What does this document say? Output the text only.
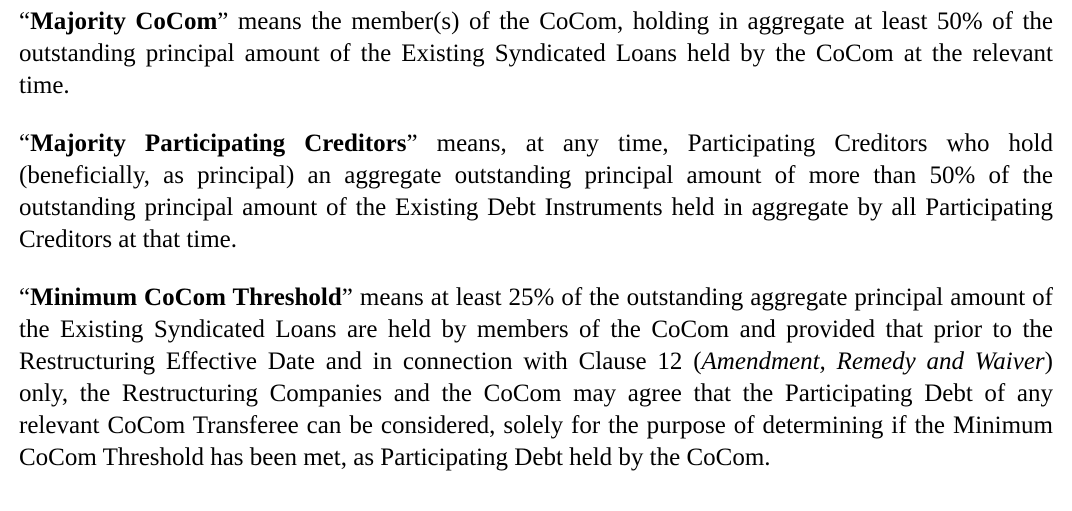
“Majority CoCom” means the member(s) of the CoCom, holding in aggregate at least 50% of the outstanding principal amount of the Existing Syndicated Loans held by the CoCom at the relevant time.

“Majority Participating Creditors” means, at any time, Participating Creditors who hold (beneficially, as principal) an aggregate outstanding principal amount of more than 50% of the outstanding principal amount of the Existing Debt Instruments held in aggregate by all Participating Creditors at that time.

“Minimum CoCom Threshold” means at least 25% of the outstanding aggregate principal amount of the Existing Syndicated Loans are held by members of the CoCom and provided that prior to the Restructuring Effective Date and in connection with Clause 12 (Amendment, Remedy and Waiver) only, the Restructuring Companies and the CoCom may agree that the Participating Debt of any relevant CoCom Transferee can be considered, solely for the purpose of determining if the Minimum CoCom Threshold has been met, as Participating Debt held by the CoCom.
